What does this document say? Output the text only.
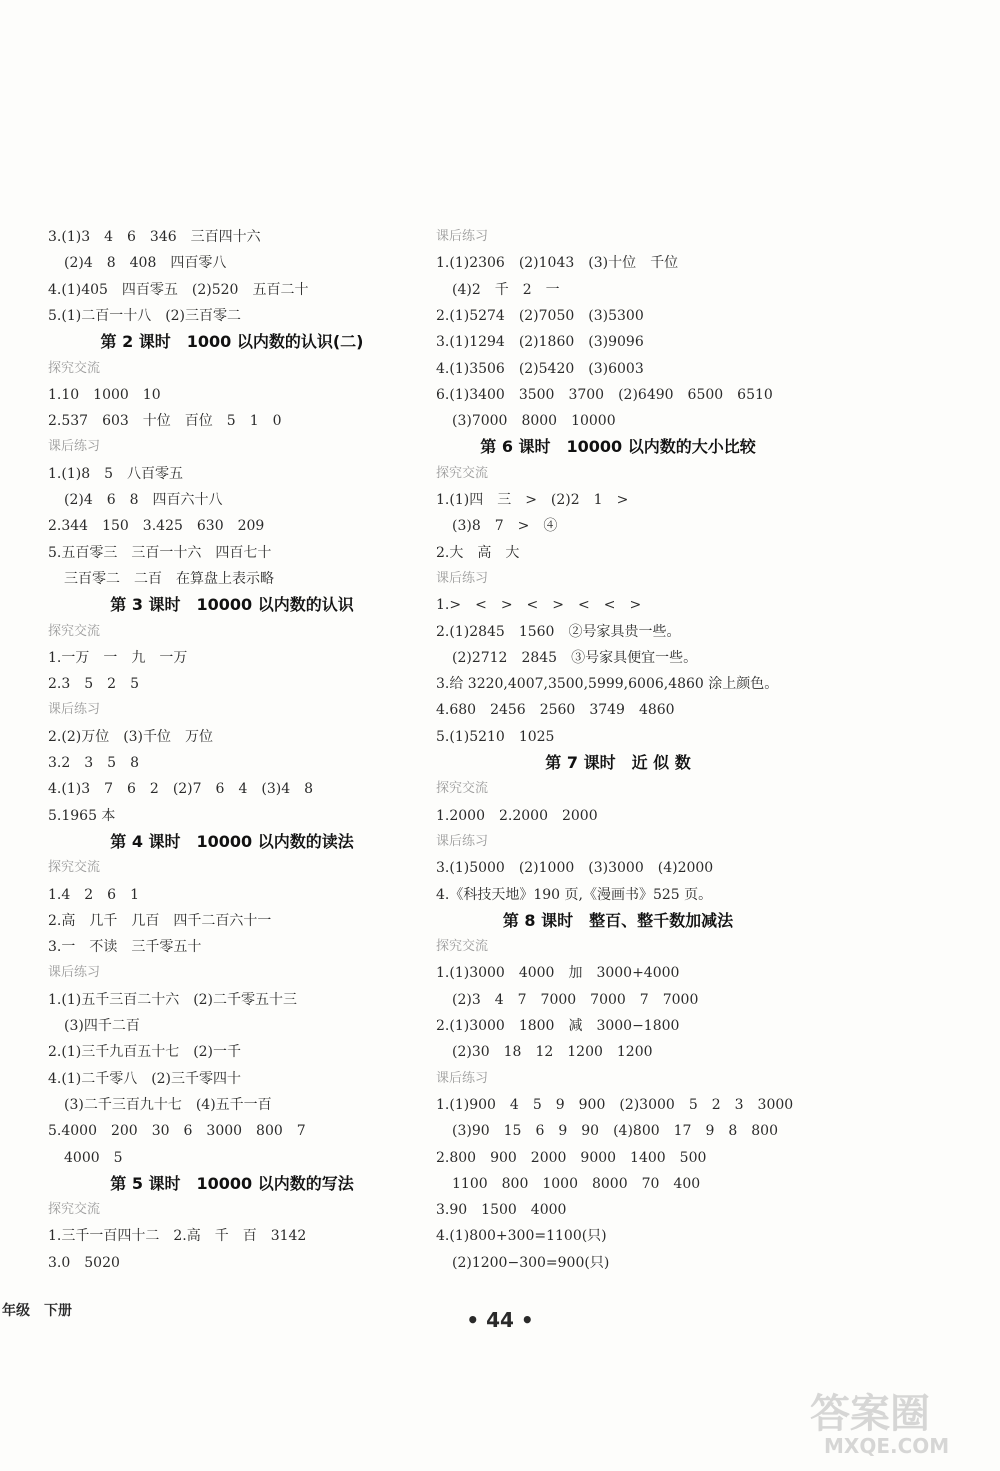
3.(1)3　4　6　346　三百四十六
(2)4　8　408　四百零八
4.(1)405　四百零五　(2)520　五百二十
5.(1)二百一十八　(2)三百零二
第 2 课时　1000 以内数的认识(二)
探究交流
1.10　1000　10
2.537　603　十位　百位　5　1　0
课后练习
1.(1)8　5　八百零五
(2)4　6　8　四百六十八
2.344　150　3.425　630　209
5.五百零三　三百一十六　四百七十
三百零二　二百　在算盘上表示略
第 3 课时　10000 以内数的认识
探究交流
1.一万　一　九　一万
2.3　5　2　5
课后练习
2.(2)万位　(3)千位　万位
3.2　3　5　8
4.(1)3　7　6　2　(2)7　6　4　(3)4　8
5.1965 本
第 4 课时　10000 以内数的读法
探究交流
1.4　2　6　1
2.高　几千　几百　四千二百六十一
3.一　不读　三千零五十
课后练习
1.(1)五千三百二十六　(2)二千零五十三
(3)四千二百
2.(1)三千九百五十七　(2)一千
4.(1)二千零八　(2)三千零四十
(3)二千三百九十七　(4)五千一百
5.4000　200　30　6　3000　800　7
4000　5
第 5 课时　10000 以内数的写法
探究交流
1.三千一百四十二　2.高　千　百　3142
3.0　5020
课后练习
1.(1)2306　(2)1043　(3)十位　千位
(4)2　千　2　一
2.(1)5274　(2)7050　(3)5300
3.(1)1294　(2)1860　(3)9096
4.(1)3506　(2)5420　(3)6003
6.(1)3400　3500　3700　(2)6490　6500　6510
(3)7000　8000　10000
第 6 课时　10000 以内数的大小比较
探究交流
1.(1)四　三　>　(2)2　1　>
(3)8　7　>　④
2.大　高　大
课后练习
1.>　<　>　<　>　<　<　>
2.(1)2845　1560　②号家具贵一些。
(2)2712　2845　③号家具便宜一些。
3.给 3220,4007,3500,5999,6006,4860 涂上颜色。
4.680　2456　2560　3749　4860
5.(1)5210　1025
第 7 课时　近 似 数
探究交流
1.2000　2.2000　2000
课后练习
3.(1)5000　(2)1000　(3)3000　(4)2000
4.《科技天地》190 页,《漫画书》525 页。
第 8 课时　整百、整千数加减法
探究交流
1.(1)3000　4000　加　3000+4000
(2)3　4　7　7000　7000　7　7000
2.(1)3000　1800　减　3000−1800
(2)30　18　12　1200　1200
课后练习
1.(1)900　4　5　9　900　(2)3000　5　2　3　3000
(3)90　15　6　9　90　(4)800　17　9　8　800
2.800　900　2000　9000　1400　500
1100　800　1000　8000　70　400
3.90　1500　4000
4.(1)800+300=1100(只)
(2)1200−300=900(只)
年级　下册	• 44 •
答案圈
MXQE.COM
